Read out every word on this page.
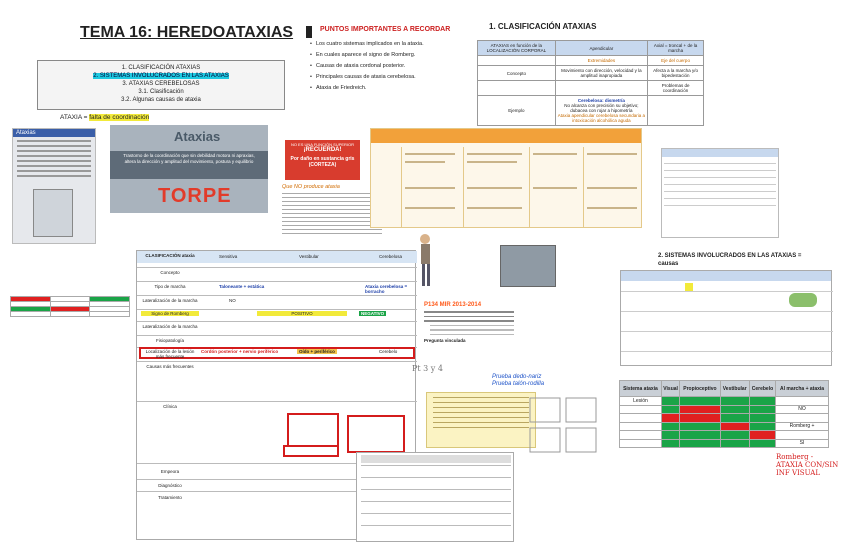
TEMA 16: HEREDOATAXIAS
1. CLASIFICACIÓN ATAXIAS
2. SISTEMAS INVOLUCRADOS EN LAS ATAXIAS
3. ATAXIAS CEREBELOSAS
3.1. Clasificación
3.2. Algunas causas de ataxia
PUNTOS IMPORTANTES A RECORDAR
• Los cuatro sistemas implicados en la ataxia.
• En cuales aparece el signo de Romberg.
• Causas de ataxia cordonal posterior.
• Principales causas de ataxia cerebelosa.
• Ataxia de Friedreich.
1. CLASIFICACIÓN ATAXIAS
ATAXIAS en función de la LOCALIZACIÓN CORPORAL	Apendicular	Axial = troncal + de la marcha
	Extremidades	Eje del cuerpo
Concepto	Movimiento con dirección, velocidad y la amplitud inapropiada	Afecta a la marcha y/o bipedestación
		Problemas de coordinación
Ejemplo	Cerebelosa: dismetría
No alcanza con precisión su objetivo; dubacea con rojar a hipometría
Ataxia apendicular cerebelosa secundaria a intoxicación alcohólica aguda	

ATAXIA = falta de coordinación
Ataxias	Ataxias
Trastorno de la coordinación que sin debilidad motora ni apraxias, altera la dirección y amplitud del movimiento, postura y equilibrio
TORPE
NO ES UNA FUNCIÓN SUPERIOR
¡RECUERDA!
Por daño en sustancia gris (CORTEZA)
Que NO produce ataxia
2. SISTEMAS INVOLUCRADOS EN LAS ATAXIAS = causas

CLASIFICACIÓN ataxia	Sensitiva	Vestibular	Cerebelosa
Concepto
Tipo de marcha	Taloneante + estática	Ataxia cerebelosa = borracho
Lateralización de la marcha	NO
Signo de Romberg	POSITIVO	NEGATIVO
Lateralización de la marcha
Fisiopatología
Localización de la lesión más frecuente
Cordón posterior + nervio periférico	Oído + periférico	Cerebelo
Causas más frecuentes
Clínica
Empeora
Diagnóstico
Tratamiento
P134 MIR 2013-2014
Pregunta vinculada
Pt 3 y 4
Prueba dedo-nariz
Prueba talón-rodilla
Sistema ataxia	Visual	Propioceptivo	Vestibular	Cerebelo	Al marcha + ataxia
Lesión					
					NO

					Romberg +

					SI
Romberg -
ATAXIA CON/SIN
INF VISUAL
